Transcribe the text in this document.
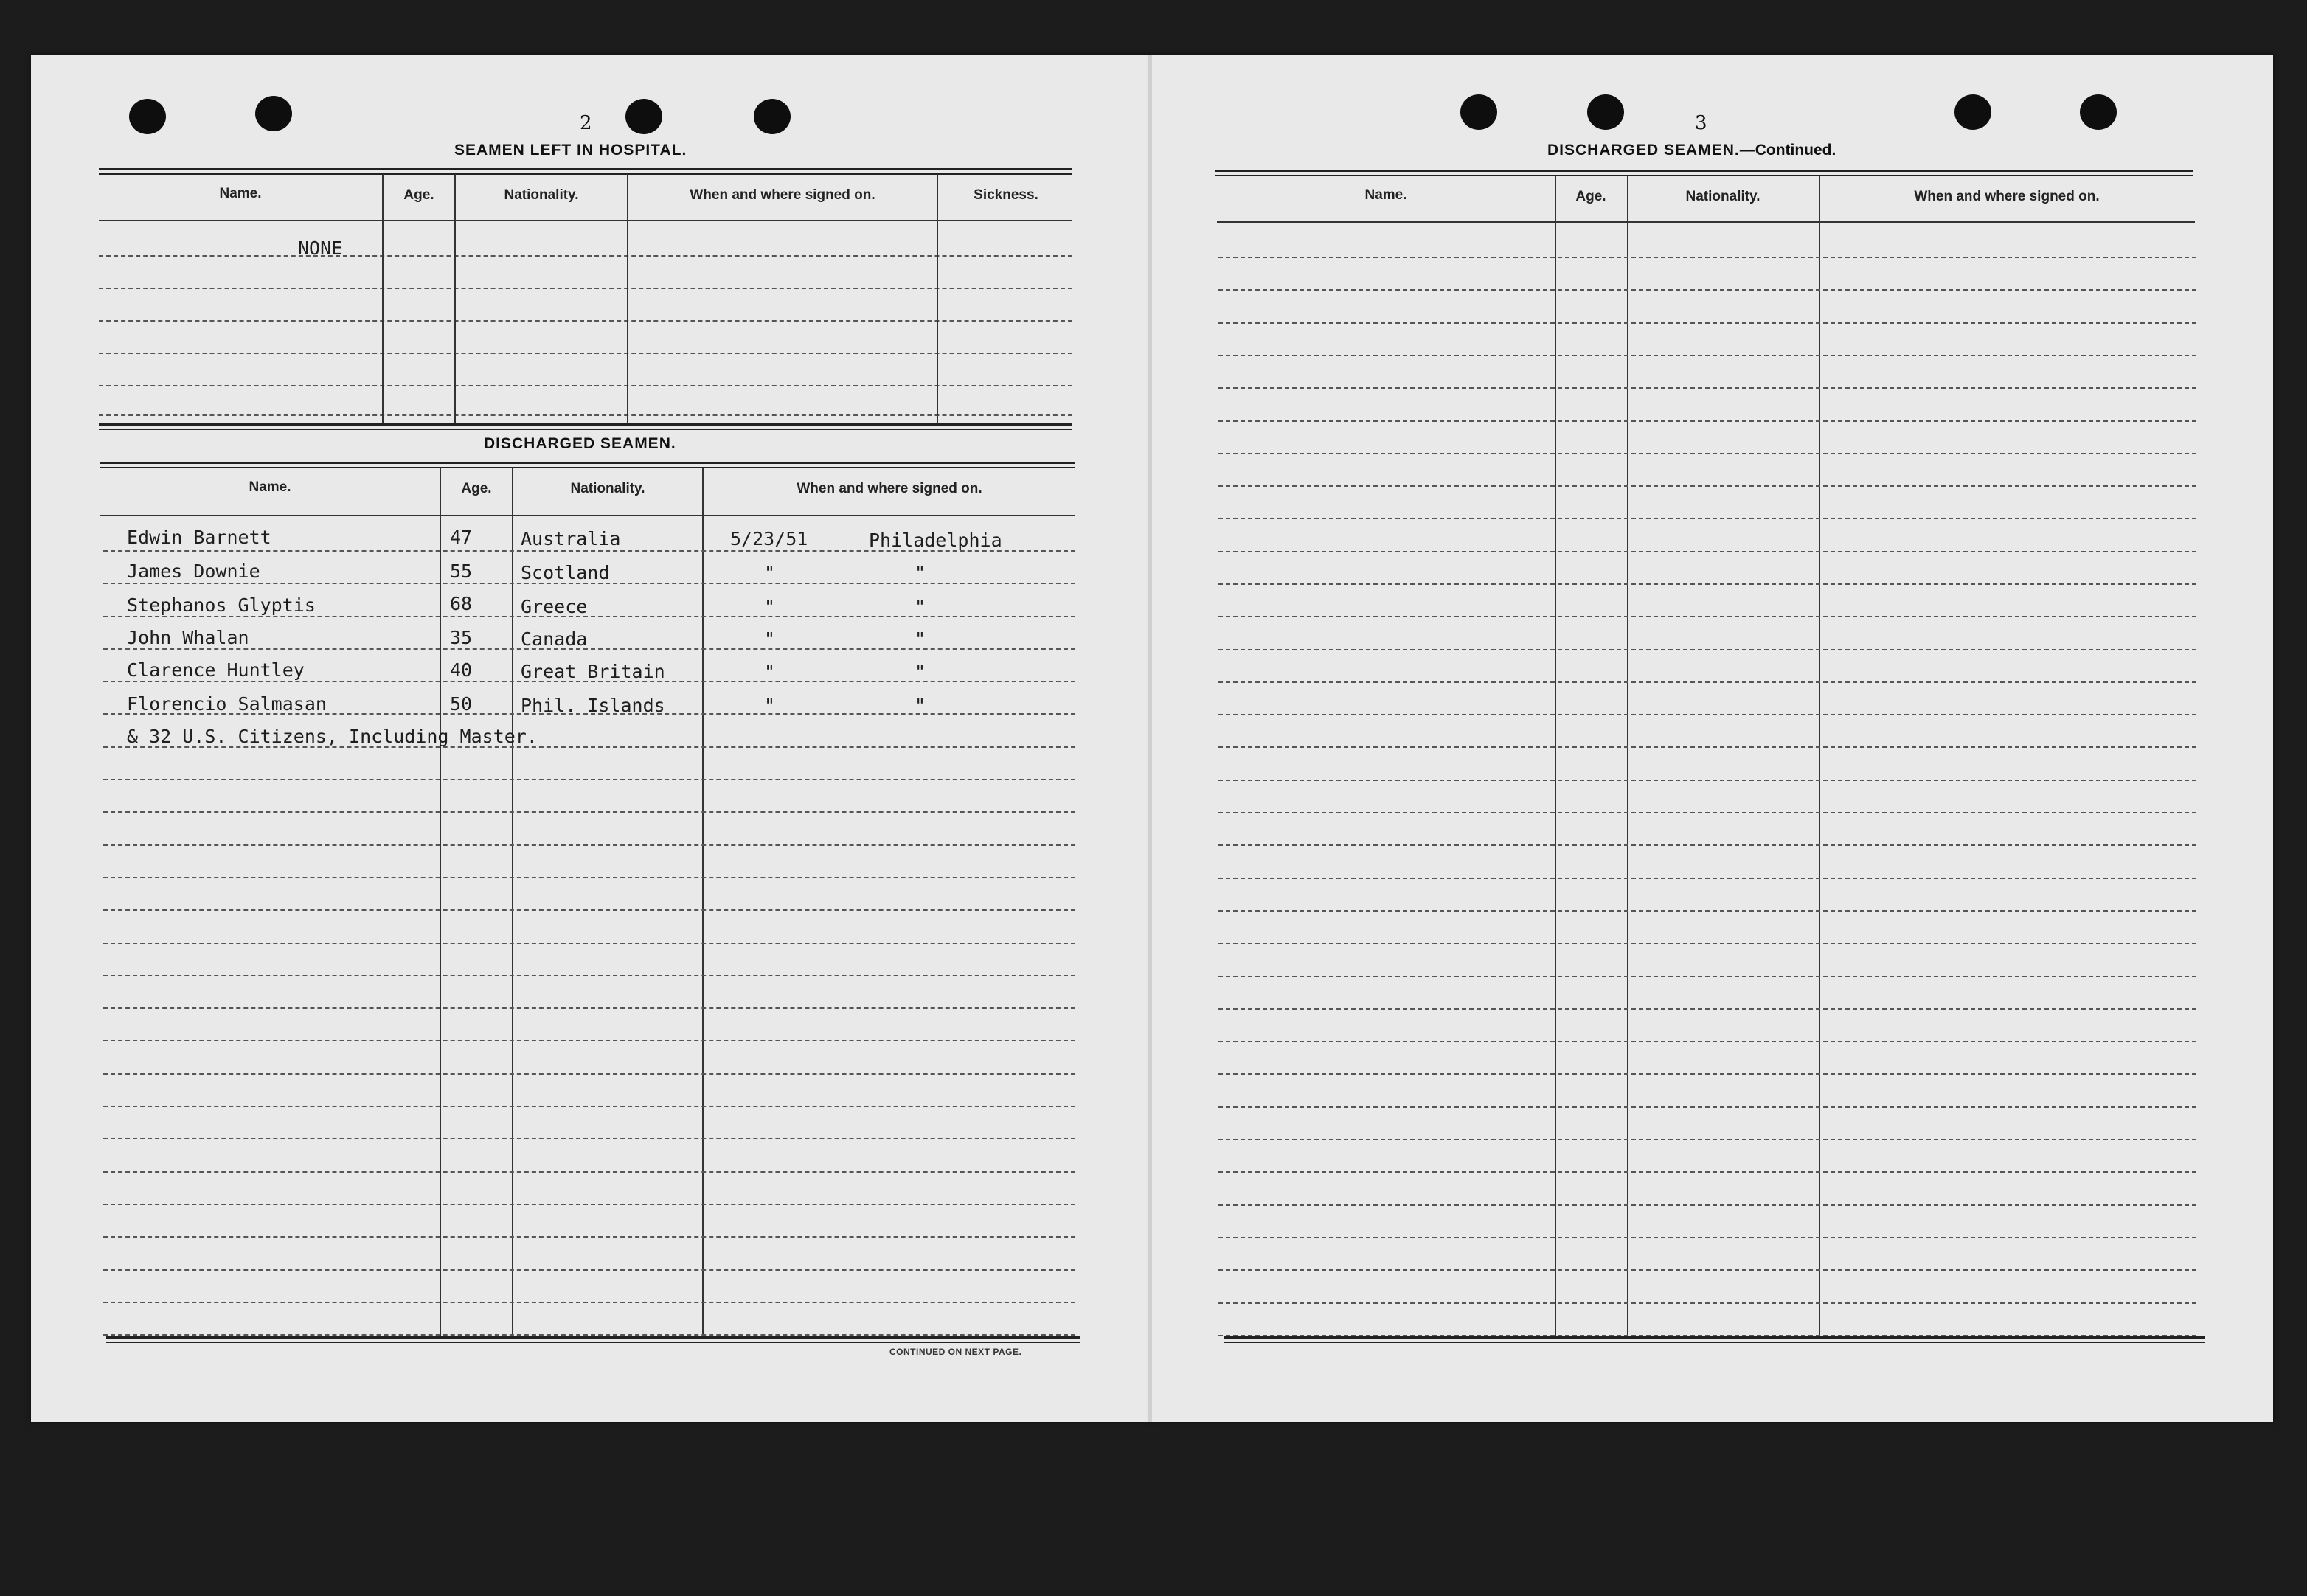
2
SEAMEN LEFT IN HOSPITAL.
Name.	Age.	Nationality.	When and where signed on.	Sickness.
NONE
DISCHARGED SEAMEN.
Name.	Age.	Nationality.	When and where signed on.
CONTINUED ON NEXT PAGE.
Edwin Barnett	47	Australia	5/23/51	Philadelphia
James Downie	55	Scotland	"	"
Stephanos Glyptis	68	Greece	"	"
John Whalan	35	Canada	"	"
Clarence Huntley	40	Great Britain	"	"
Florencio Salmasan	50	Phil. Islands	"	"
& 32 U.S. Citizens, Including Master.
3
DISCHARGED SEAMEN.—Continued.
Name.	Age.	Nationality.	When and where signed on.
